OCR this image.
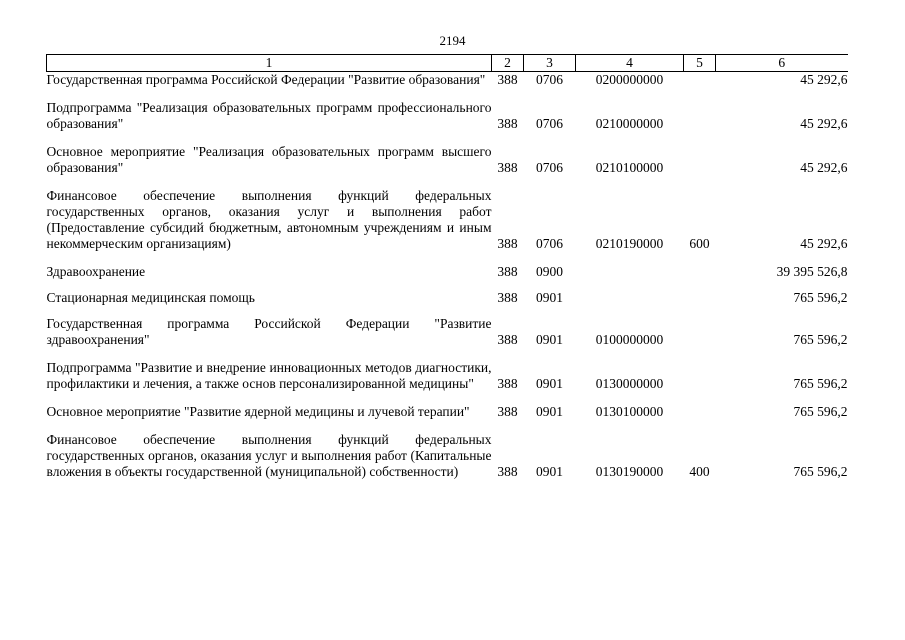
2194
1	2	3	4	5	6
Государственная программа Российской Федерации "Развитие образования"	388	0706	0200000000		45 292,6

Подпрограмма "Реализация образовательных программ профессионального образования"	388	0706	0210000000		45 292,6

Основное мероприятие "Реализация образовательных программ высшего образования"	388	0706	0210100000		45 292,6

Финансовое обеспечение выполнения функций федеральных государственных органов, оказания услуг и выполнения работ (Предоставление субсидий бюджетным, автономным учреждениям и иным некоммерческим организациям)	388	0706	0210190000	600	45 292,6

Здравоохранение	388	0900			39 395 526,8

Стационарная медицинская помощь	388	0901			765 596,2

Государственная программа Российской Федерации "Развитие здравоохранения"	388	0901	0100000000		765 596,2

Подпрограмма "Развитие и внедрение инновационных методов диагностики, профилактики и лечения, а также основ персонализированной медицины"	388	0901	0130000000		765 596,2

Основное мероприятие "Развитие ядерной медицины и лучевой терапии"	388	0901	0130100000		765 596,2

Финансовое обеспечение выполнения функций федеральных государственных органов, оказания услуг и выполнения работ (Капитальные вложения в объекты государственной (муниципальной) собственности)	388	0901	0130190000	400	765 596,2
